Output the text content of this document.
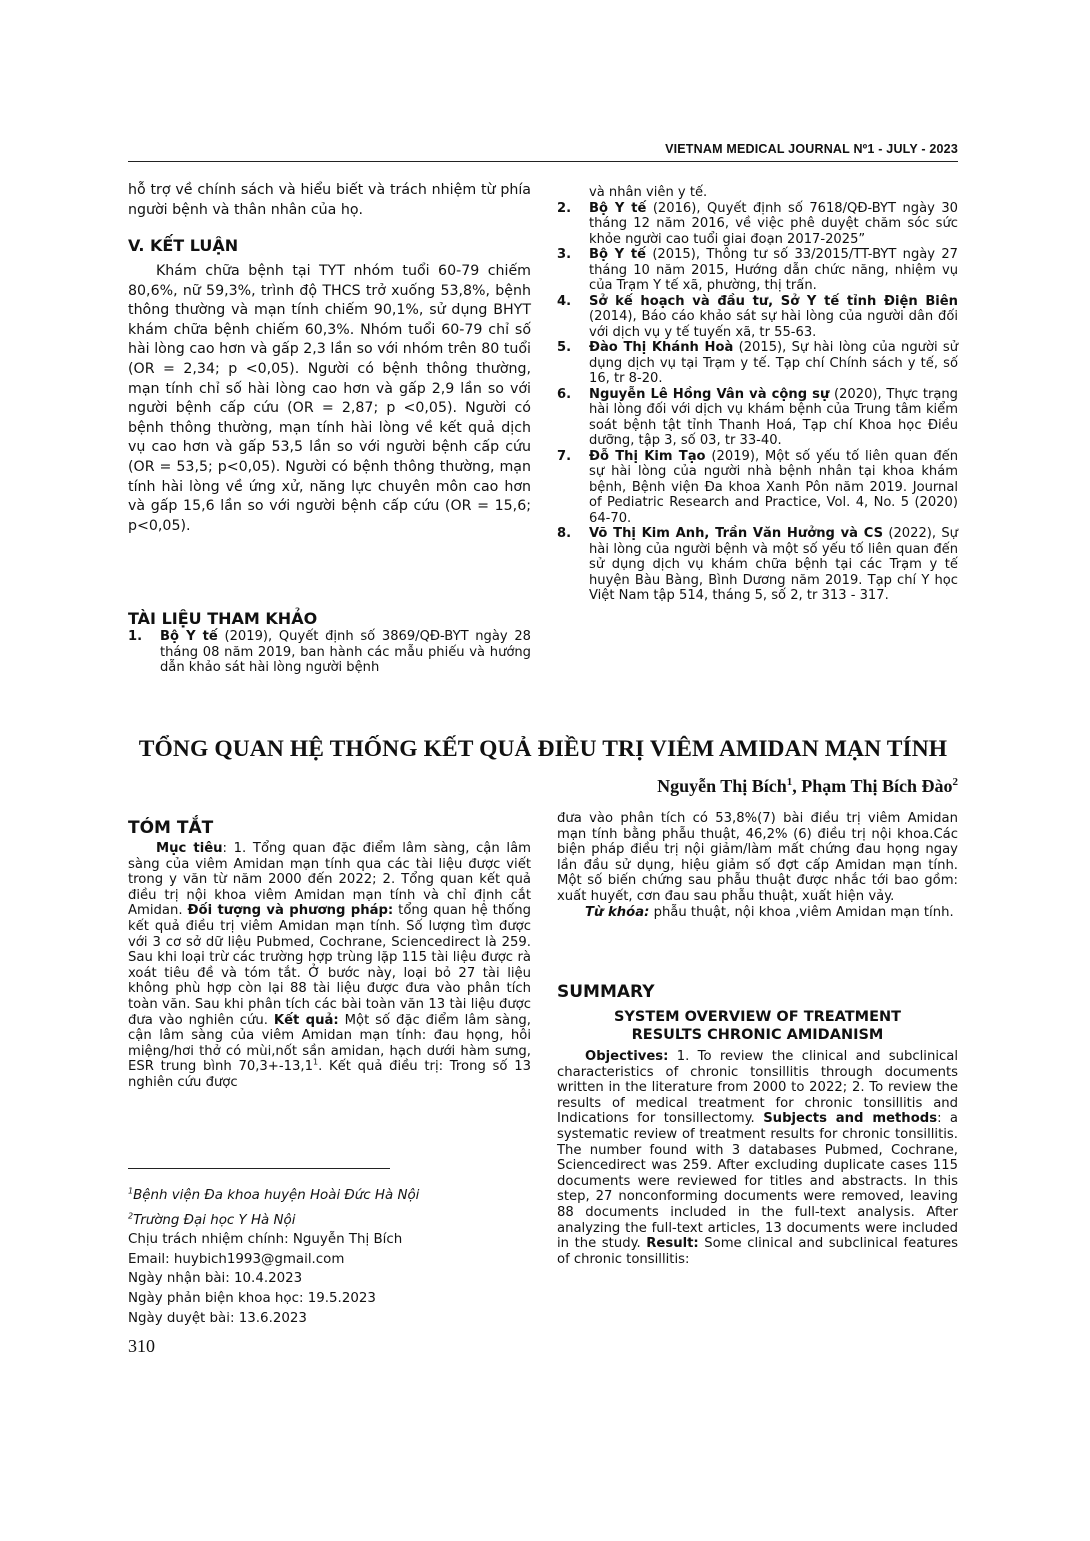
VIETNAM MEDICAL JOURNAL Nº1 - JULY - 2023

hỗ trợ về chính sách và hiểu biết và trách nhiệm từ phía người bệnh và thân nhân của họ.

V. KẾT LUẬN

Khám chữa bệnh tại TYT nhóm tuổi 60-79 chiếm 80,6%, nữ 59,3%, trình độ THCS trở xuống 53,8%, bệnh thông thường và mạn tính chiếm 90,1%, sử dụng BHYT khám chữa bệnh chiếm 60,3%. Nhóm tuổi 60-79 chỉ số hài lòng cao hơn và gấp 2,3 lần so với nhóm trên 80 tuổi (OR = 2,34; p <0,05). Người có bệnh thông thường, mạn tính chỉ số hài lòng cao hơn và gấp 2,9 lần so với người bệnh cấp cứu (OR = 2,87; p <0,05). Người có bệnh thông thường, mạn tính hài lòng về kết quả dịch vụ cao hơn và gấp 53,5 lần so với người bệnh cấp cứu (OR = 53,5; p<0,05). Người có bệnh thông thường, mạn tính hài lòng về ứng xử, năng lực chuyên môn cao hơn và gấp 15,6 lần so với người bệnh cấp cứu (OR = 15,6; p<0,05).

TÀI LIỆU THAM KHẢO
1.	Bộ Y tế (2019), Quyết định số 3869/QĐ-BYT ngày 28 tháng 08 năm 2019, ban hành các mẫu phiếu và hướng dẫn khảo sát hài lòng người bệnh
và nhân viên y tế.
2.	Bộ Y tế (2016), Quyết định số 7618/QĐ-BYT ngày 30 tháng 12 năm 2016, về việc phê duyệt chăm sóc sức khỏe người cao tuổi giai đoạn 2017-2025”
3.	Bộ Y tế (2015), Thông tư số 33/2015/TT-BYT ngày 27 tháng 10 năm 2015, Hướng dẫn chức năng, nhiệm vụ của Trạm Y tế xã, phường, thị trấn.
4.	Sở kế hoạch và đầu tư, Sở Y tế tỉnh Điện Biên (2014), Báo cáo khảo sát sự hài lòng của người dân đối với dịch vụ y tế tuyến xã, tr 55-63.
5.	Đào Thị Khánh Hoà (2015), Sự hài lòng của người sử dụng dịch vụ tại Trạm y tế. Tạp chí Chính sách y tế, số 16, tr 8-20.
6.	Nguyễn Lê Hồng Vân và cộng sự (2020), Thực trạng hài lòng đối với dịch vụ khám bệnh của Trung tâm kiểm soát bệnh tật tỉnh Thanh Hoá, Tạp chí Khoa học Điều dưỡng, tập 3, số 03, tr 33-40.
7.	Đỗ Thị Kim Tạo (2019), Một số yếu tố liên quan đến sự hài lòng của người nhà bệnh nhân tại khoa khám bệnh, Bệnh viện Đa khoa Xanh Pôn năm 2019. Journal of Pediatric Research and Practice, Vol. 4, No. 5 (2020) 64-70.
8.	Võ Thị Kim Anh, Trần Văn Hưởng và CS (2022), Sự hài lòng của người bệnh và một số yếu tố liên quan đến sử dụng dịch vụ khám chữa bệnh tại các Trạm y tế huyện Bàu Bàng, Bình Dương năm 2019. Tạp chí Y học Việt Nam tập 514, tháng 5, số 2, tr 313 - 317.
TỔNG QUAN HỆ THỐNG KẾT QUẢ ĐIỀU TRỊ VIÊM AMIDAN MẠN TÍNH
Nguyễn Thị Bích$^1$, Phạm Thị Bích Đào$^2$
TÓM TẮT

Mục tiêu: 1. Tổng quan đặc điểm lâm sàng, cận lâm sàng của viêm Amidan mạn tính qua các tài liệu được viết trong y văn từ năm 2000 đến 2022; 2. Tổng quan kết quả điều trị nội khoa viêm Amidan mạn tính và chỉ định cắt Amidan. Đối tượng và phương pháp: tổng quan hệ thống kết quả điều trị viêm Amidan mạn tính. Số lượng tìm được với 3 cơ sở dữ liệu Pubmed, Cochrane, Sciencedirect là 259. Sau khi loại trừ các trường hợp trùng lặp 115 tài liệu được rà xoát tiêu đề và tóm tắt. Ở bước này, loại bỏ 27 tài liệu không phù hợp còn lại 88 tài liệu được đưa vào phân tích toàn văn. Sau khi phân tích các bài toàn văn 13 tài liệu được đưa vào nghiên cứu. Kết quả: Một số đặc điểm lâm sàng, cận lâm sàng của viêm Amidan mạn tính: đau họng, hôi miệng/hơi thở có mùi,nốt sần amidan, hạch dưới hàm sưng, ESR trung bình $70,3+-13,1^1$. Kết quả điều trị: Trong số 13 nghiên cứu được

đưa vào phân tích có 53,8%(7) bài điều trị viêm Amidan mạn tính bằng phẫu thuật, 46,2% (6) điều trị nội khoa.Các biện pháp điều trị nội giảm/làm mất chứng đau họng ngay lần đầu sử dụng, hiệu giảm số đợt cấp Amidan mạn tính. Một số biến chứng sau phẫu thuật được nhắc tới bao gồm: xuất huyết, cơn đau sau phẫu thuật, xuất hiện vảy.

Từ khóa: phẫu thuật, nội khoa ,viêm Amidan mạn tính.

SUMMARY
SYSTEM OVERVIEW OF TREATMENT
RESULTS CHRONIC AMIDANISM

Objectives: 1. To review the clinical and subclinical characteristics of chronic tonsillitis through documents written in the literature from 2000 to 2022; 2. To review the results of medical treatment for chronic tonsillitis and Indications for tonsillectomy. Subjects and methods: a systematic review of treatment results for chronic tonsillitis. The number found with 3 databases Pubmed, Cochrane, Sciencedirect was 259. After excluding duplicate cases 115 documents were reviewed for titles and abstracts. In this step, 27 nonconforming documents were removed, leaving 88 documents included in the full-text analysis. After analyzing the full-text articles, 13 documents were included in the study. Result: Some clinical and subclinical features of chronic tonsillitis:

$^1$Bệnh viện Đa khoa huyện Hoài Đức Hà Nội
$^2$Trường Đại học Y Hà Nội
Chịu trách nhiệm chính: Nguyễn Thị Bích
Email: huybich1993@gmail.com
Ngày nhận bài: 10.4.2023
Ngày phản biện khoa học: 19.5.2023
Ngày duyệt bài: 13.6.2023
310
